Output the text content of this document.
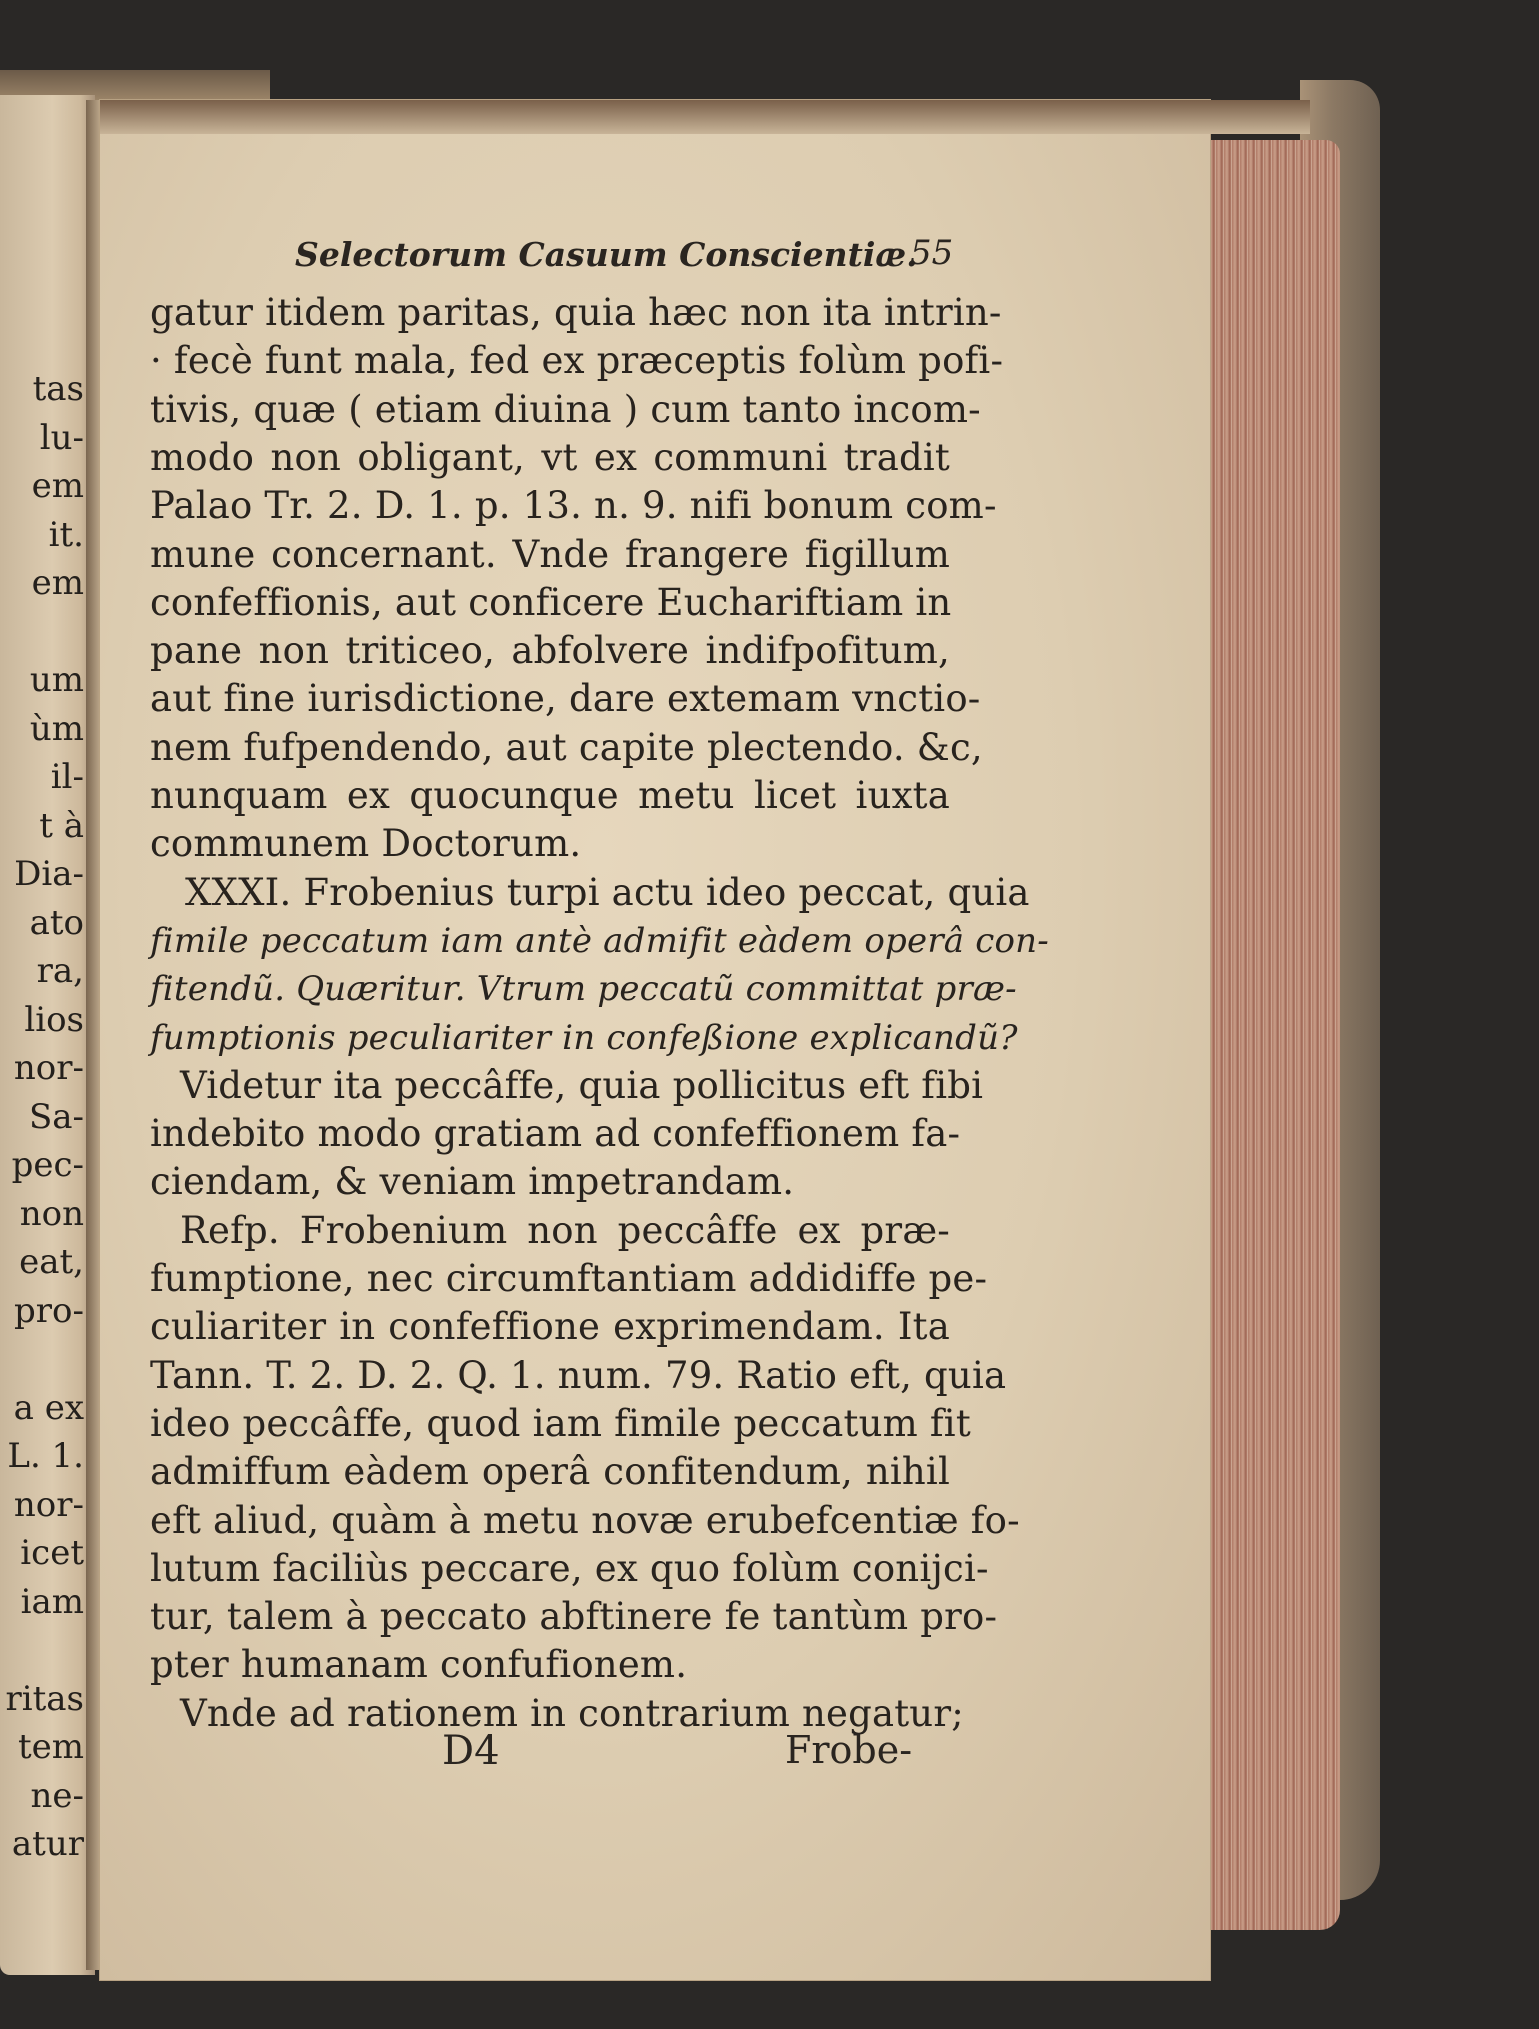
tas
lu-
em
it.
em
um
ùm
il-
t à
Dia-
ato
ra,
lios
nor-
Sa-
pec-
non
eat,
pro-
a ex
L. 1.
nor-
icet
iam
ritas
tem
ne-
atur
Selectorum Casuum Conscientiæ.
55
gatur itidem paritas, quia hæc non ita intrin-
· fecè funt mala, fed ex præceptis folùm pofi-
tivis, quæ ( etiam diuina ) cum tanto incom-
modo non obligant, vt ex communi tradit
Palao Tr. 2. D. 1. p. 13. n. 9. nifi bonum com-
mune concernant. Vnde frangere figillum
confeffionis, aut conficere Euchariftiam in
pane non triticeo, abfolvere indifpofitum,
aut fine iurisdictione, dare extemam vnctio-
nem fufpendendo, aut capite plectendo. &c,
nunquam ex quocunque metu licet iuxta
communem Doctorum.
XXXI. Frobenius turpi actu ideo peccat, quia
fimile peccatum iam antè admifit eàdem operâ con-
fitendũ. Quæritur. Vtrum peccatũ committat præ-
fumptionis peculiariter in confeßione explicandũ?
Videtur ita peccâffe, quia pollicitus eft fibi
indebito modo gratiam ad confeffionem fa-
ciendam, & veniam impetrandam.
Refp. Frobenium non peccâffe ex præ-
fumptione, nec circumftantiam addidiffe pe-
culiariter in confeffione exprimendam. Ita
Tann. T. 2. D. 2. Q. 1. num. 79. Ratio eft, quia
ideo peccâffe, quod iam fimile peccatum fit
admiffum eàdem operâ confitendum, nihil
eft aliud, quàm à metu novæ erubefcentiæ fo-
lutum faciliùs peccare, ex quo folùm conijci-
tur, talem à peccato abftinere fe tantùm pro-
pter humanam confufionem.
Vnde ad rationem in contrarium negatur;
D4	Frobe-
